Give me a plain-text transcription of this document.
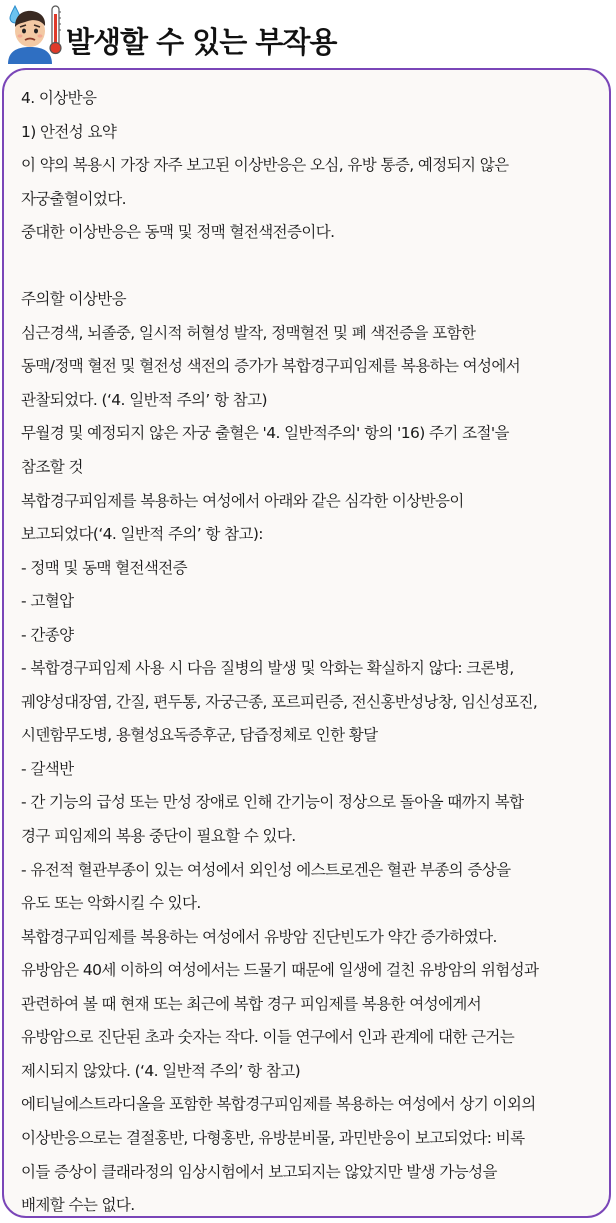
발생할 수 있는 부작용
4. 이상반응
1) 안전성 요약
이 약의 복용시 가장 자주 보고된 이상반응은 오심, 유방 통증, 예정되지 않은
자궁출혈이었다.
중대한 이상반응은 동맥 및 정맥 혈전색전증이다.

주의할 이상반응
심근경색, 뇌졸중, 일시적 허혈성 발작, 정맥혈전 및 폐 색전증을 포함한
동맥/정맥 혈전 및 혈전성 색전의 증가가 복합경구피임제를 복용하는 여성에서
관찰되었다. (‘4. 일반적 주의’ 항 참고)
무월경 및 예정되지 않은 자궁 출혈은 '4. 일반적주의' 항의 '16) 주기 조절'을
참조할 것
복합경구피임제를 복용하는 여성에서 아래와 같은 심각한 이상반응이
보고되었다(‘4. 일반적 주의’ 항 참고):
- 정맥 및 동맥 혈전색전증
- 고혈압
- 간종양
- 복합경구피임제 사용 시 다음 질병의 발생 및 악화는 확실하지 않다: 크론병,
궤양성대장염, 간질, 편두통, 자궁근종, 포르피린증, 전신홍반성낭창, 임신성포진,
시덴함무도병, 용혈성요독증후군, 담즙정체로 인한 황달
- 갈색반
- 간 기능의 급성 또는 만성 장애로 인해 간기능이 정상으로 돌아올 때까지 복합
경구 피임제의 복용 중단이 필요할 수 있다.
- 유전적 혈관부종이 있는 여성에서 외인성 에스트로겐은 혈관 부종의 증상을
유도 또는 악화시킬 수 있다.
복합경구피임제를 복용하는 여성에서 유방암 진단빈도가 약간 증가하였다.
유방암은 40세 이하의 여성에서는 드물기 때문에 일생에 걸친 유방암의 위험성과
관련하여 볼 때 현재 또는 최근에 복합 경구 피임제를 복용한 여성에게서
유방암으로 진단된 초과 숫자는 작다. 이들 연구에서 인과 관계에 대한 근거는
제시되지 않았다. (‘4. 일반적 주의’ 항 참고)
에티닐에스트라디올을 포함한 복합경구피임제를 복용하는 여성에서 상기 이외의
이상반응으로는 결절홍반, 다형홍반, 유방분비물, 과민반응이 보고되었다: 비록
이들 증상이 클래라정의 임상시험에서 보고되지는 않았지만 발생 가능성을
배제할 수는 없다.
